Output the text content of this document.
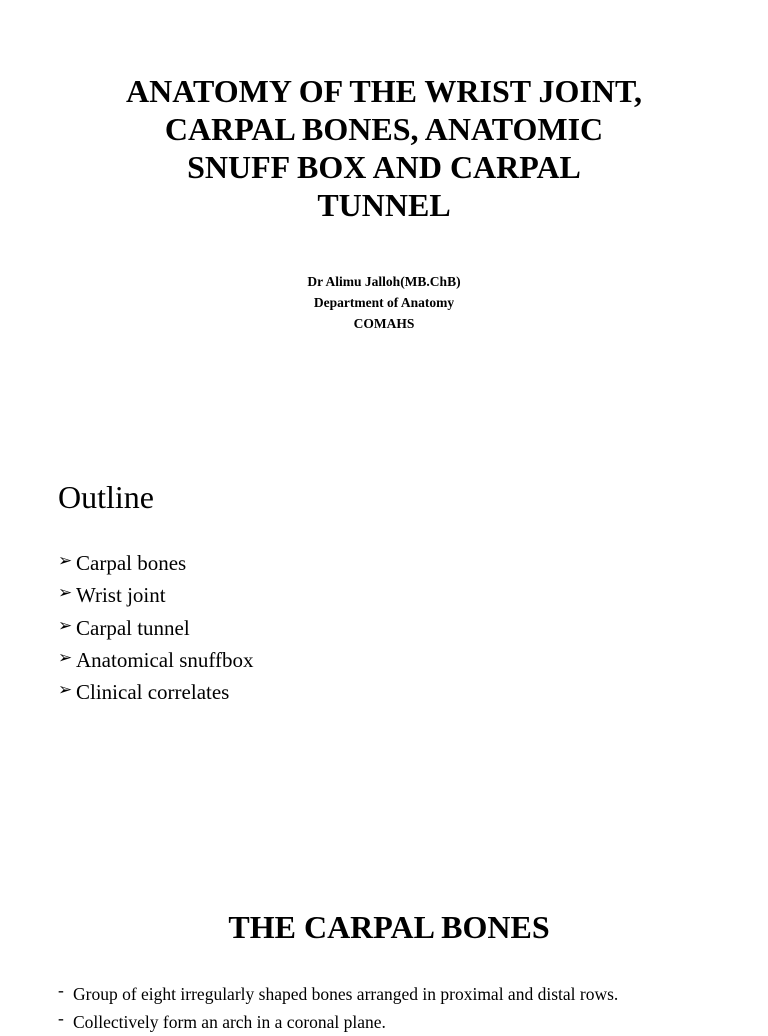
ANATOMY OF THE WRIST JOINT,
CARPAL BONES, ANATOMIC
SNUFF BOX AND CARPAL
TUNNEL
Dr Alimu Jalloh(MB.ChB)
Department of Anatomy
COMAHS
Outline
➢ Carpal bones
➢ Wrist joint
➢ Carpal tunnel
➢ Anatomical snuffbox
➢ Clinical correlates
THE CARPAL BONES
- Group of eight irregularly shaped bones arranged in proximal and distal rows.
- Collectively form an arch in a coronal plane.
